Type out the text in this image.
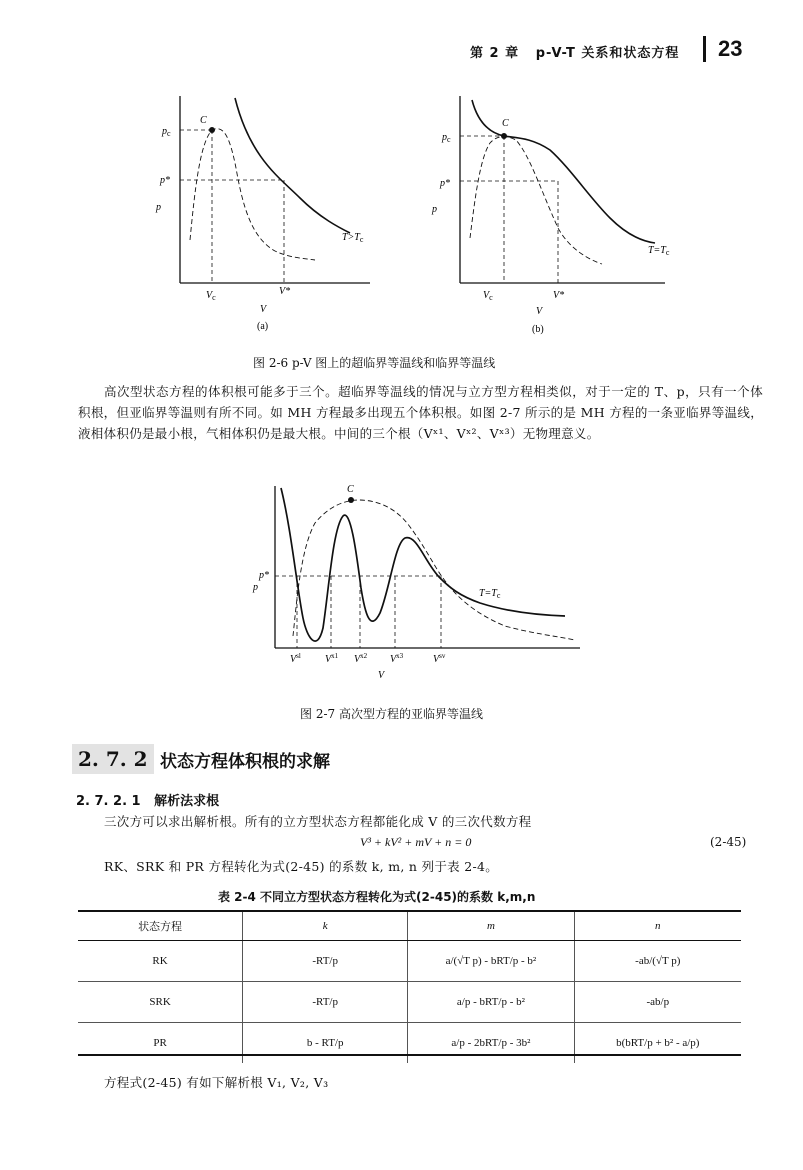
第 2 章 p-V-T 关系和状态方程 23
C
$p_c$
p*
p
$T>T_c$
$V_c$
V*
V
(a)
C
$p_c$
p*
p
$T=T_c$
$V_c$	V*
V
(b)
图 2-6 p-V 图上的超临界等温线和临界等温线
高次型状态方程的体积根可能多于三个。超临界等温线的情况与立方型方程相类似，对于一定的 T、p，只有一个体积根，但亚临界等温则有所不同。如 MH 方程最多出现五个体积根。如图 2-7 所示的是 MH 方程的一条亚临界等温线，液相体积仍是最小根，气相体积仍是最大根。中间的三个根（Vˣ¹、Vˣ²、Vˣ³）无物理意义。
C
p*
p
$T=T_c$
$V^{sl}$ $V^{x1}$ $V^{x2}$ $V^{x3}$	$V^{sv}$
V
图 2-7 高次型方程的亚临界等温线
2. 7. 2 状态方程体积根的求解
2. 7. 2. 1 解析法求根
三次方可以求出解析根。所有的立方型状态方程都能化成 V 的三次代数方程
V³ + kV² + mV + n = 0	(2-45)
RK、SRK 和 PR 方程转化为式(2-45) 的系数 k, m, n 列于表 2-4。
表 2-4 不同立方型状态方程转化为式(2-45)的系数 k,m,n
状态方程	k	m	n
RK	-RT/p	a/(√T p) - bRT/p - b²	-ab/(√T p)
SRK	-RT/p	a/p - bRT/p - b²	-ab/p
PR	b - RT/p	a/p - 2bRT/p - 3b²	b(bRT/p + b² - a/p)
方程式(2-45) 有如下解析根 V₁, V₂, V₃
